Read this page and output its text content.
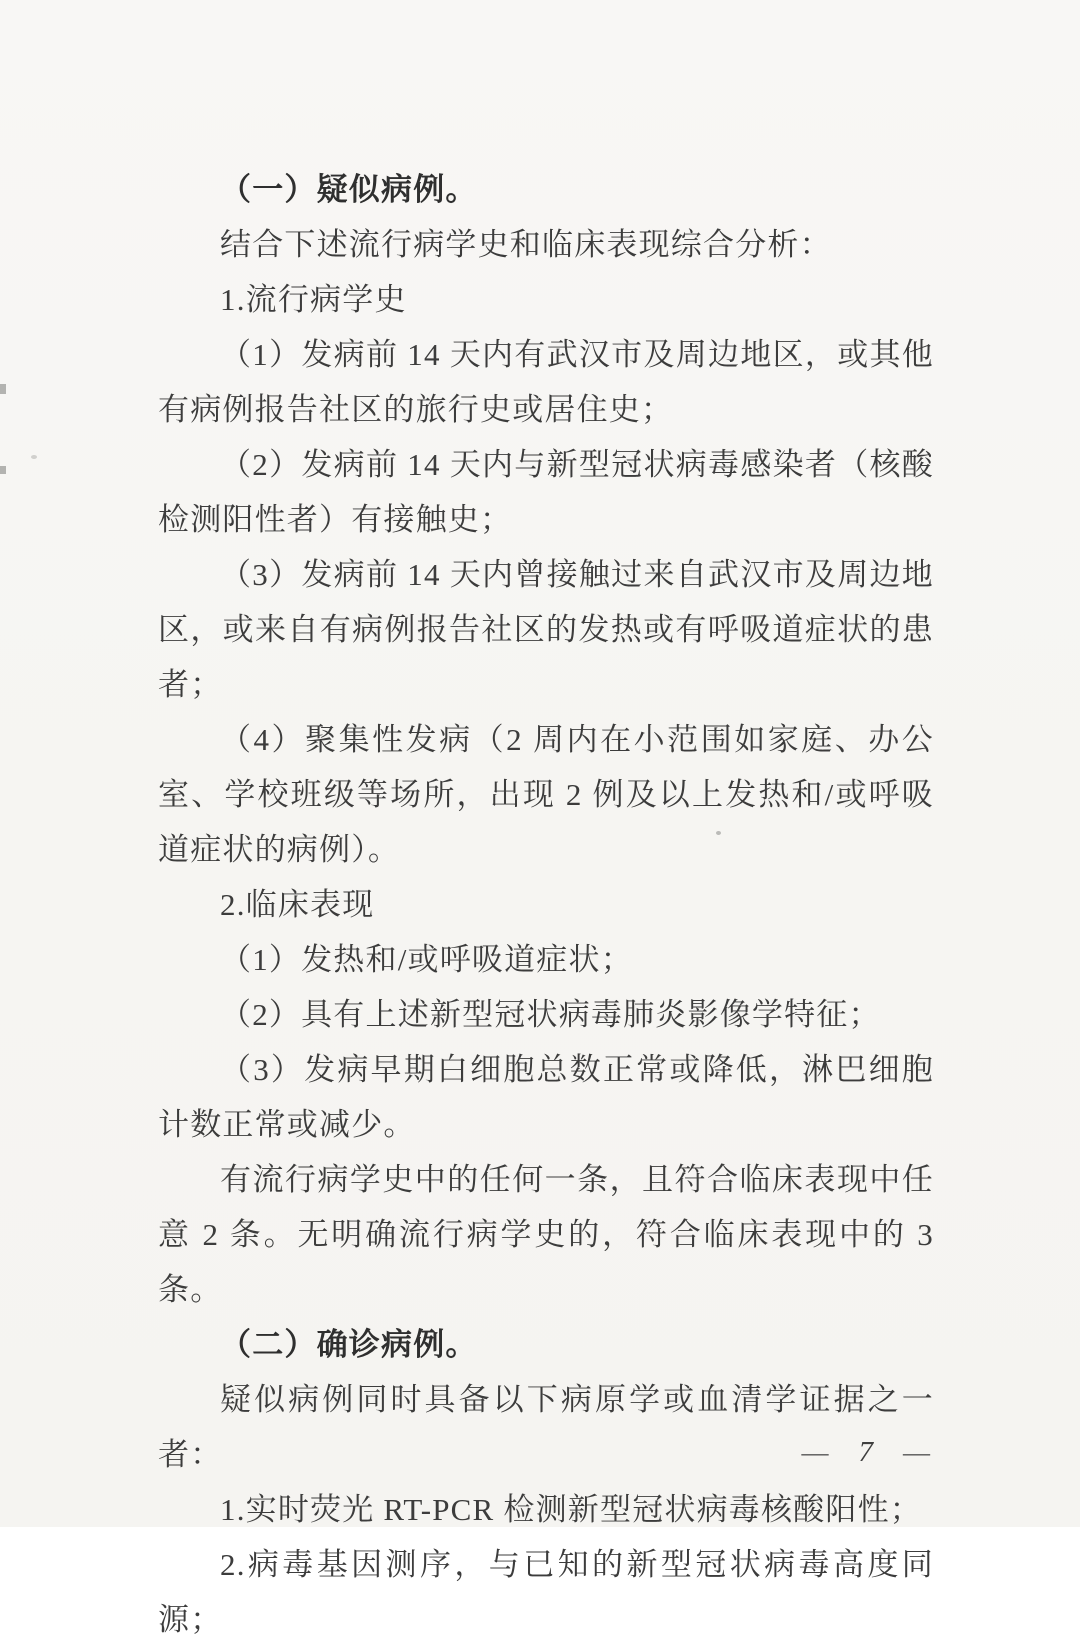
（一）疑似病例。

结合下述流行病学史和临床表现综合分析：

1.流行病学史

（1）发病前 14 天内有武汉市及周边地区，或其他有病例报告社区的旅行史或居住史；

（2）发病前 14 天内与新型冠状病毒感染者（核酸检测阳性者）有接触史；

（3）发病前 14 天内曾接触过来自武汉市及周边地区，或来自有病例报告社区的发热或有呼吸道症状的患者；

（4）聚集性发病（2 周内在小范围如家庭、办公室、学校班级等场所，出现 2 例及以上发热和/或呼吸道症状的病例）。

2.临床表现

（1）发热和/或呼吸道症状；

（2）具有上述新型冠状病毒肺炎影像学特征；

（3）发病早期白细胞总数正常或降低，淋巴细胞计数正常或减少。

有流行病学史中的任何一条，且符合临床表现中任意 2 条。无明确流行病学史的，符合临床表现中的 3 条。

（二）确诊病例。

疑似病例同时具备以下病原学或血清学证据之一者：

1.实时荧光 RT-PCR 检测新型冠状病毒核酸阳性；

2.病毒基因测序，与已知的新型冠状病毒高度同源；

— 7 —
